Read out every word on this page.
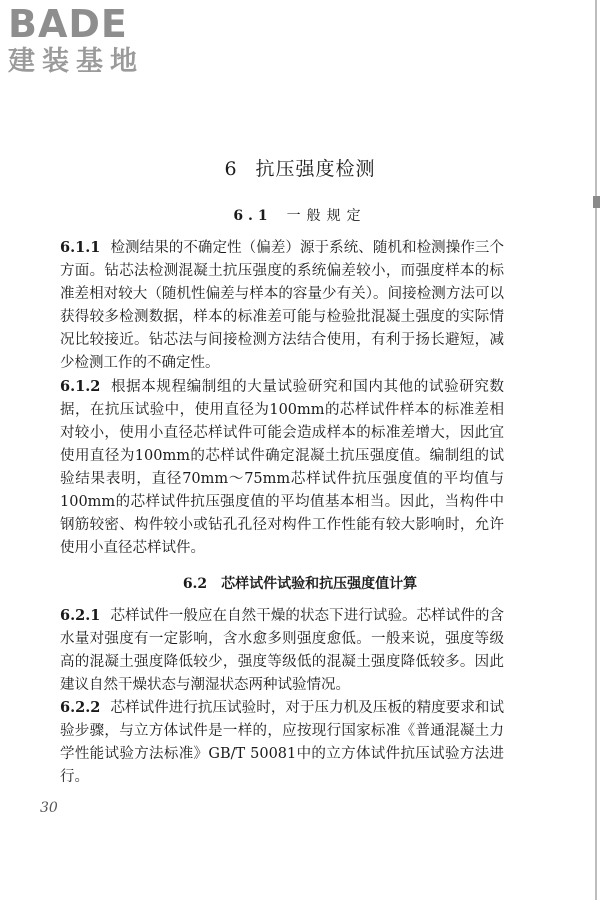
BADE
建装基地
6 抗压强度检测
6.1 一般规定

6.1.1 检测结果的不确定性（偏差）源于系统、随机和检测操作三个方面。钻芯法检测混凝土抗压强度的系统偏差较小，而强度样本的标准差相对较大（随机性偏差与样本的容量少有关）。间接检测方法可以获得较多检测数据，样本的标准差可能与检验批混凝土强度的实际情况比较接近。钻芯法与间接检测方法结合使用，有利于扬长避短，减少检测工作的不确定性。

6.1.2 根据本规程编制组的大量试验研究和国内其他的试验研究数据，在抗压试验中，使用直径为100mm的芯样试件样本的标准差相对较小，使用小直径芯样试件可能会造成样本的标准差增大，因此宜使用直径为100mm的芯样试件确定混凝土抗压强度值。编制组的试验结果表明，直径70mm～75mm芯样试件抗压强度值的平均值与100mm的芯样试件抗压强度值的平均值基本相当。因此，当构件中钢筋较密、构件较小或钻孔孔径对构件工作性能有较大影响时，允许使用小直径芯样试件。

6.2 芯样试件试验和抗压强度值计算

6.2.1 芯样试件一般应在自然干燥的状态下进行试验。芯样试件的含水量对强度有一定影响，含水愈多则强度愈低。一般来说，强度等级高的混凝土强度降低较少，强度等级低的混凝土强度降低较多。因此建议自然干燥状态与潮湿状态两种试验情况。

6.2.2 芯样试件进行抗压试验时，对于压力机及压板的精度要求和试验步骤，与立方体试件是一样的，应按现行国家标准《普通混凝土力学性能试验方法标准》GB/T 50081中的立方体试件抗压试验方法进行。

30
